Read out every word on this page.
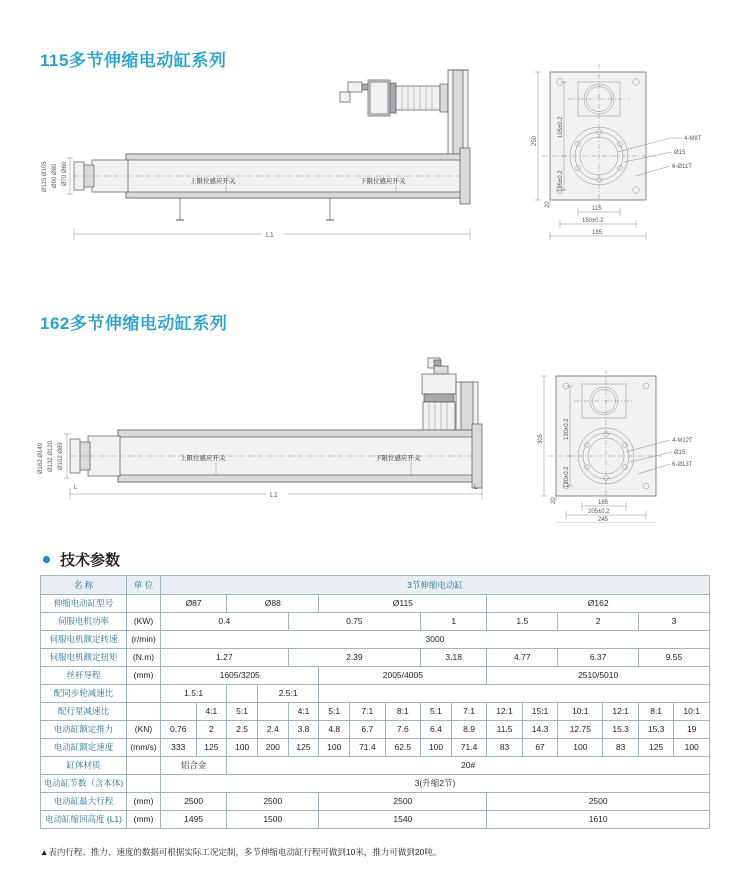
115多节伸缩电动缸系列
Ø115 Ø105 Ø90 Ø80 Ø70 Ø60	上限位感应开关	下限位感应开关
L1
4-M8T
Ø15
6-Ø11T
250
105±0.2
105±0.2
20
115
150±0.2
185
162多节伸缩电动缸系列
Ø162 Ø149 Ø132 Ø120 Ø102 Ø89	上限位感应开关	下限位感应开关
L1
L	L
4-M12T
Ø15
6-Ø13T
305	130±0.2
130±0.2
20	165
205±0.2
245
技术参数
名 称	单 位	3节伸缩电动缸															
伸缩电动缸型号		Ø87		Ø88			Ø115					Ø162					
伺服电机功率	(KW)	0.4				0.75				1		1.5		2		3	
伺服电机额定转速	(r/min)	3000															
伺服电机额定扭矩	(N.m)	1.27				2.39				3.18		4.77		6.37		9.55	
丝杆导程	(mm)	1605/3205					2005/4005					2510/5010					
配同步轮减速比		1.5:1			2.5:1												
配行星减速比			4:1	5:1		4:1	5:1	7:1	8:1	5:1	7:1	12:1	15:1	10:1	12:1	8:1	10:1
电动缸额定推力	(KN)	0.76	2	2.5	2.4	3.8	4.8	6.7	7.6	6.4	8.9	11.5	14.3	12.75	15.3	15.3	19
电动缸额定速度	(mm/s)	333	125	100	200	125	100	71.4	62.5	100	71.4	83	67	100	83	125	100
缸体材质		铝合金		20#													
电动缸节数（含本体)		3(升缩2节)															
电动缸最大行程	(mm)	2500		2500			2500					2500					
电动缸缩回高度 (L1)	(mm)	1495		1500			1540					1610					
▲表内行程、推力、速度的数据可根据实际工况定制，多节伸缩电动缸行程可做到10米，推力可做到20吨。
